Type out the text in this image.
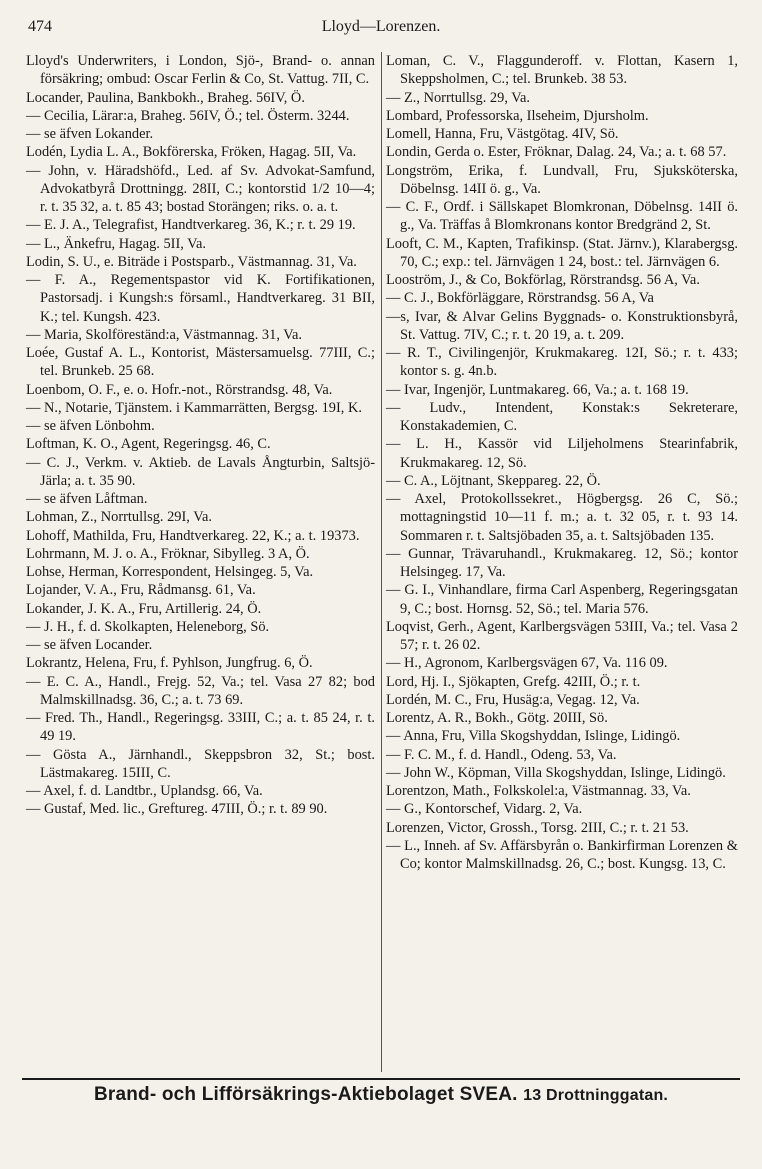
474	Lloyd—Lorenzen.

Lloyd's Underwriters, i London, Sjö-, Brand- o. annan försäkring; ombud: Oscar Ferlin & Co, St. Vattug. 7II, C.

Locander, Paulina, Bankbokh., Braheg. 56IV, Ö.

— Cecilia, Lärar:a, Braheg. 56IV, Ö.; tel. Österm. 3244.

— se äfven Lokander.

Lodén, Lydia L. A., Bokförerska, Fröken, Hagag. 5II, Va.

— John, v. Häradshöfd., Led. af Sv. Advokat-Samfund, Advokatbyrå Drottningg. 28II, C.; kontorstid 1/2 10—4; r. t. 35 32, a. t. 85 43; bostad Storängen; riks. o. a. t.

— E. J. A., Telegrafist, Handtverkareg. 36, K.; r. t. 29 19.

— L., Änkefru, Hagag. 5II, Va.

Lodin, S. U., e. Biträde i Postsparb., Västmannag. 31, Va.

— F. A., Regementspastor vid K. Fortifikationen, Pastorsadj. i Kungsh:s församl., Handtverkareg. 31 BII, K.; tel. Kungsh. 423.

— Maria, Skolföreständ:a, Västmannag. 31, Va.

Loée, Gustaf A. L., Kontorist, Mästersamuelsg. 77III, C.; tel. Brunkeb. 25 68.

Loenbom, O. F., e. o. Hofr.-not., Rörstrandsg. 48, Va.

— N., Notarie, Tjänstem. i Kammarrätten, Bergsg. 19I, K.

— se äfven Lönbohm.

Loftman, K. O., Agent, Regeringsg. 46, C.

— C. J., Verkm. v. Aktieb. de Lavals Ångturbin, Saltsjö-Järla; a. t. 35 90.

— se äfven Låftman.

Lohman, Z., Norrtullsg. 29I, Va.

Lohoff, Mathilda, Fru, Handtverkareg. 22, K.; a. t. 19373.

Lohrmann, M. J. o. A., Fröknar, Sibylleg. 3 A, Ö.

Lohse, Herman, Korrespondent, Helsingeg. 5, Va.

Lojander, V. A., Fru, Rådmansg. 61, Va.

Lokander, J. K. A., Fru, Artillerig. 24, Ö.

— J. H., f. d. Skolkapten, Heleneborg, Sö.

— se äfven Locander.

Lokrantz, Helena, Fru, f. Pyhlson, Jungfrug. 6, Ö.

— E. C. A., Handl., Frejg. 52, Va.; tel. Vasa 27 82; bod Malmskillnadsg. 36, C.; a. t. 73 69.

— Fred. Th., Handl., Regeringsg. 33III, C.; a. t. 85 24, r. t. 49 19.

— Gösta A., Järnhandl., Skeppsbron 32, St.; bost. Lästmakareg. 15III, C.

— Axel, f. d. Landtbr., Uplandsg. 66, Va.

— Gustaf, Med. lic., Greftureg. 47III, Ö.; r. t. 89 90.

Loman, C. V., Flaggunderoff. v. Flottan, Kasern 1, Skeppsholmen, C.; tel. Brunkeb. 38 53.

— Z., Norrtullsg. 29, Va.

Lombard, Professorska, Ilseheim, Djursholm.

Lomell, Hanna, Fru, Västgötag. 4IV, Sö.

Londin, Gerda o. Ester, Fröknar, Dalag. 24, Va.; a. t. 68 57.

Longström, Erika, f. Lundvall, Fru, Sjuksköterska, Döbelnsg. 14II ö. g., Va.

— C. F., Ordf. i Sällskapet Blomkronan, Döbelnsg. 14II ö. g., Va. Träffas å Blomkronans kontor Bredgränd 2, St.

Looft, C. M., Kapten, Trafikinsp. (Stat. Järnv.), Klarabergsg. 70, C.; exp.: tel. Järnvägen 1 24, bost.: tel. Järnvägen 6.

Looström, J., & Co, Bokförlag, Rörstrandsg. 56 A, Va.

— C. J., Bokförläggare, Rörstrandsg. 56 A, Va

—s, Ivar, & Alvar Gelins Byggnads- o. Konstruktionsbyrå, St. Vattug. 7IV, C.; r. t. 20 19, a. t. 209.

— R. T., Civilingenjör, Krukmakareg. 12I, Sö.; r. t. 433; kontor s. g. 4n.b.

— Ivar, Ingenjör, Luntmakareg. 66, Va.; a. t. 168 19.

— Ludv., Intendent, Konstak:s Sekreterare, Konstakademien, C.

— L. H., Kassör vid Liljeholmens Stearinfabrik, Krukmakareg. 12, Sö.

— C. A., Löjtnant, Skeppareg. 22, Ö.

— Axel, Protokollssekret., Högbergsg. 26 C, Sö.; mottagningstid 10—11 f. m.; a. t. 32 05, r. t. 93 14. Sommaren r. t. Saltsjöbaden 35, a. t. Saltsjöbaden 135.

— Gunnar, Trävaruhandl., Krukmakareg. 12, Sö.; kontor Helsingeg. 17, Va.

— G. I., Vinhandlare, firma Carl Aspenberg, Regeringsgatan 9, C.; bost. Hornsg. 52, Sö.; tel. Maria 576.

Loqvist, Gerh., Agent, Karlbergsvägen 53III, Va.; tel. Vasa 2 57; r. t. 26 02.

— H., Agronom, Karlbergsvägen 67, Va. 116 09.

Lord, Hj. I., Sjökapten, Grefg. 42III, Ö.; r. t.

Lordén, M. C., Fru, Husäg:a, Vegag. 12, Va.

Lorentz, A. R., Bokh., Götg. 20III, Sö.

— Anna, Fru, Villa Skogshyddan, Islinge, Lidingö.

— F. C. M., f. d. Handl., Odeng. 53, Va.

— John W., Köpman, Villa Skogshyddan, Islinge, Lidingö.

Lorentzon, Math., Folkskolel:a, Västmannag. 33, Va.

— G., Kontorschef, Vidarg. 2, Va.

Lorenzen, Victor, Grossh., Torsg. 2III, C.; r. t. 21 53.

— L., Inneh. af Sv. Affärsbyrån o. Bankirfirman Lorenzen & Co; kontor Malmskillnadsg. 26, C.; bost. Kungsg. 13, C.

Brand- och Lifförsäkrings-Aktiebolaget SVEA. 13 Drottninggatan.
